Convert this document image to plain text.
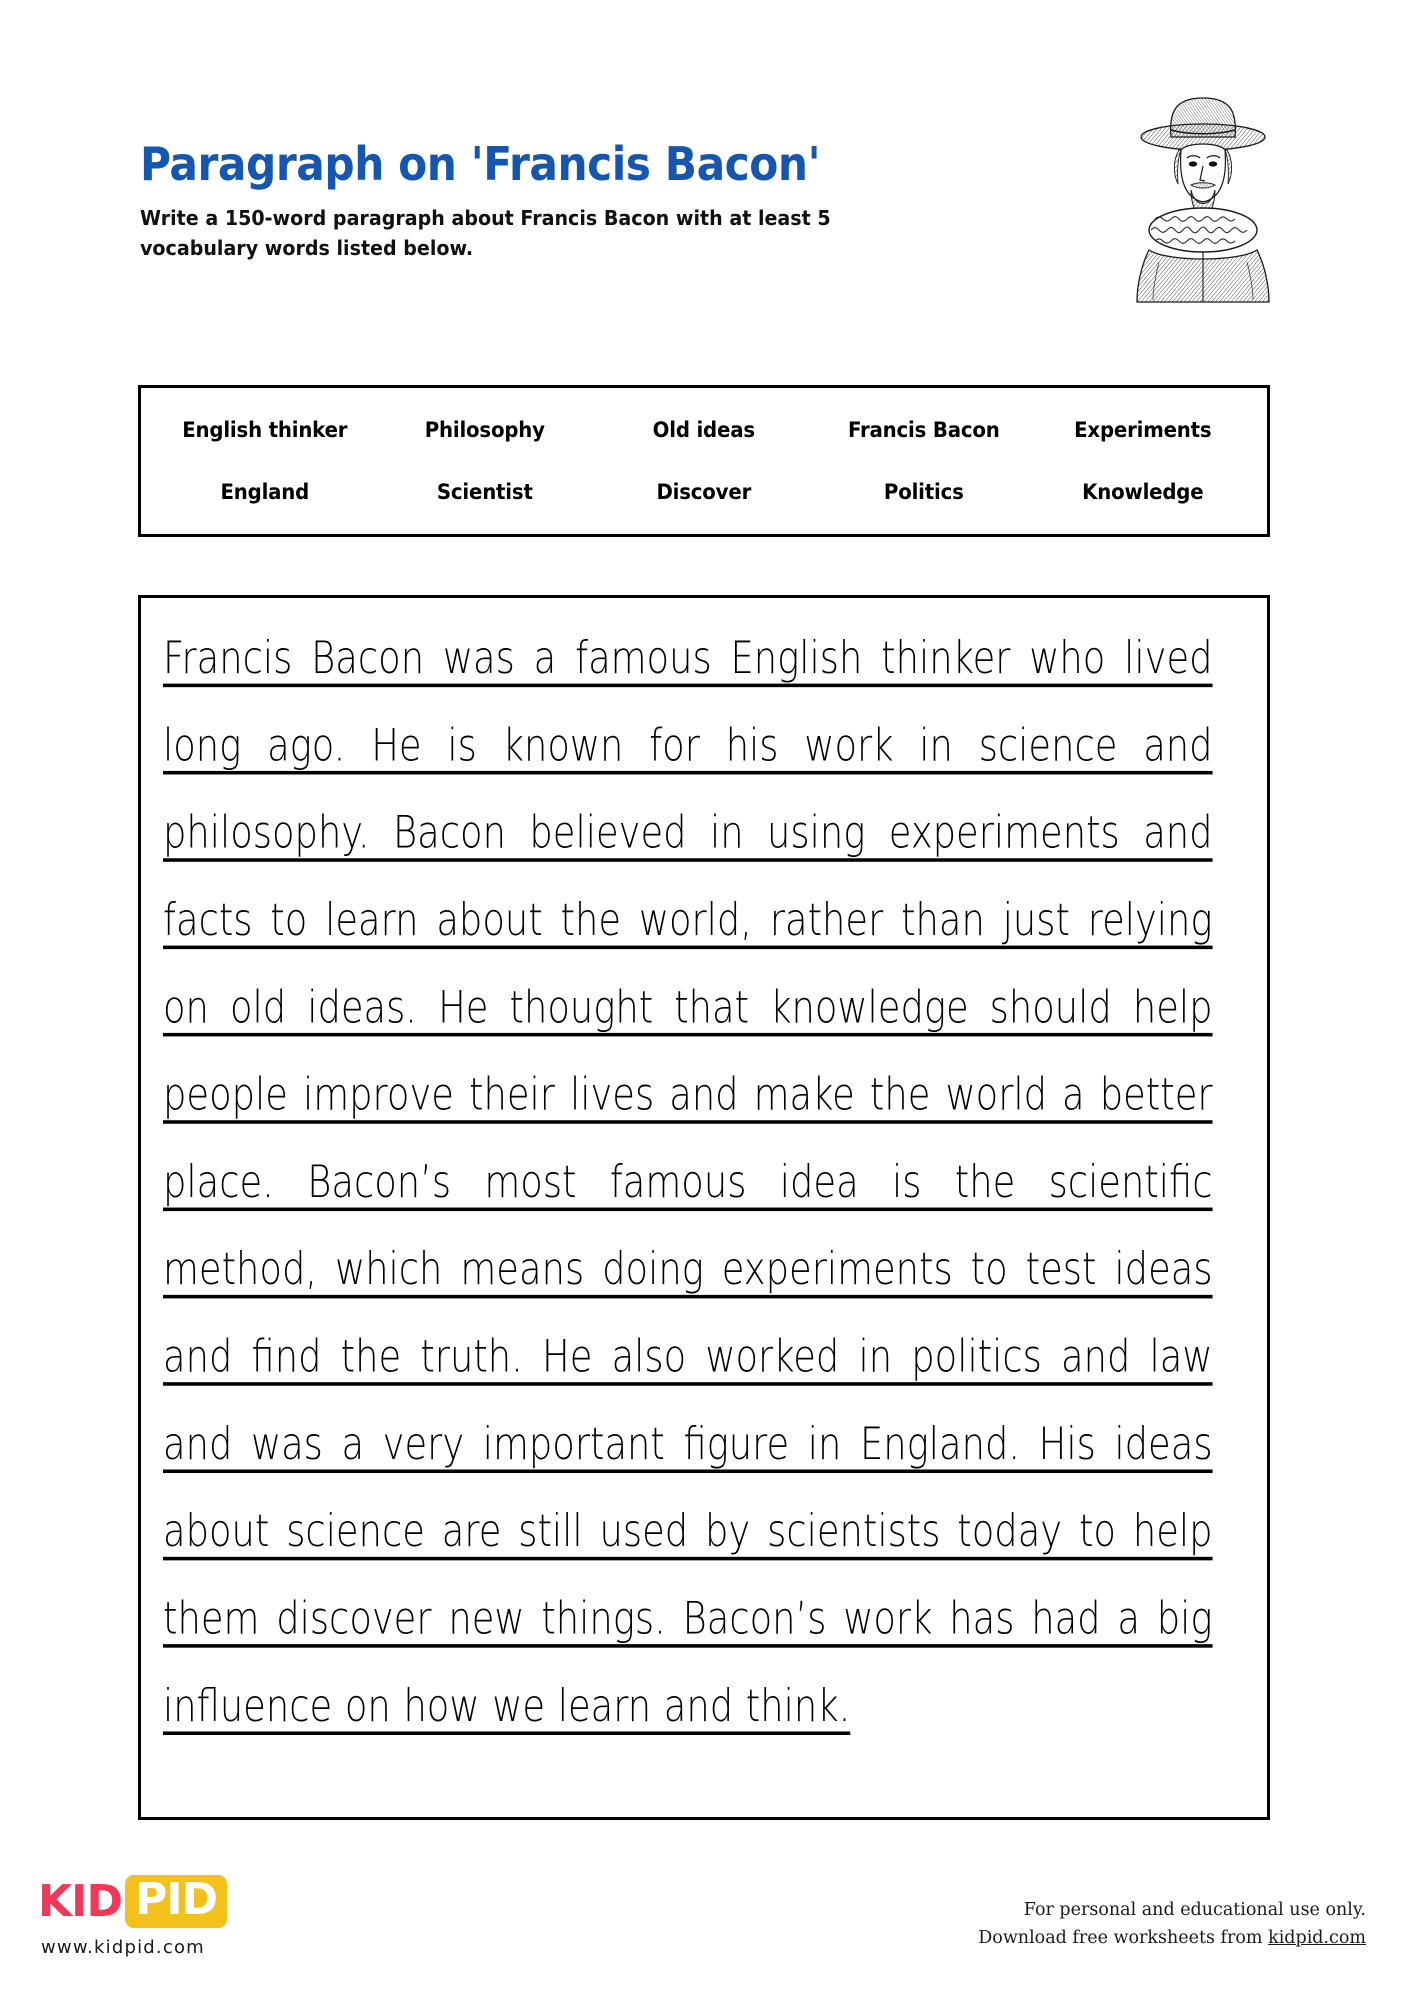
Paragraph on 'Francis Bacon'

Write a 150-word paragraph about Francis Bacon with at least 5 vocabulary words listed below.

English thinker	Philosophy	Old ideas	Francis Bacon	Experiments
England	Scientist	Discover	Politics	Knowledge

Francis Bacon was a famous English thinker who lived long ago. He is known for his work in science and philosophy. Bacon believed in using experiments and facts to learn about the world, rather than just relying on old ideas. He thought that knowledge should help people improve their lives and make the world a better place. Bacon’s most famous idea is the scientific method, which means doing experiments to test ideas and find the truth. He also worked in politics and law and was a very important figure in England. His ideas about science are still used by scientists today to help them discover new things. Bacon’s work has had a big influence on how we learn and think.

KID PID
www.kidpid.com
For personal and educational use only.
Download free worksheets from kidpid.com
